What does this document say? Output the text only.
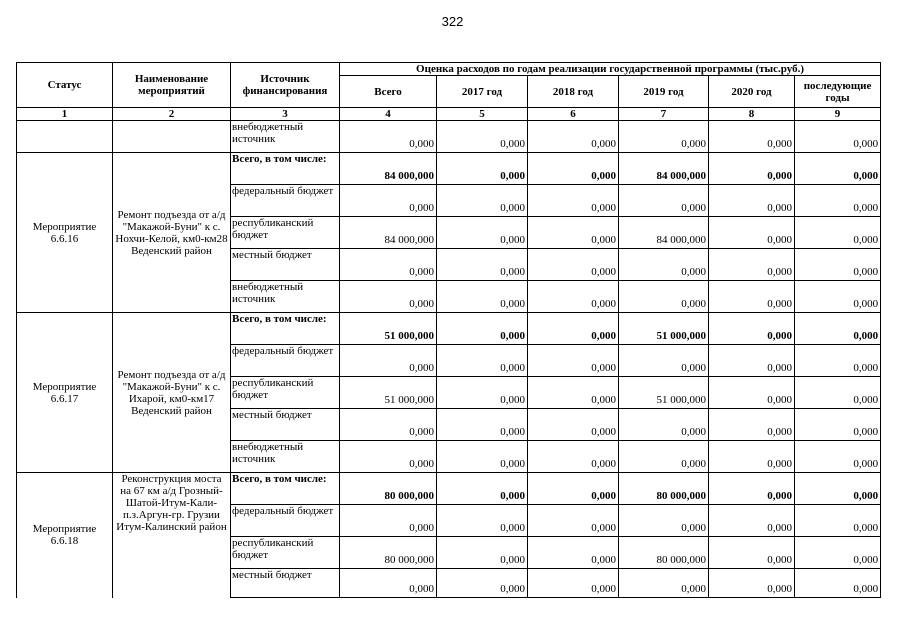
322
Статус	Наименование мероприятий	Источник финансирования	Оценка расходов по годам реализации государственной программы (тыс.руб.)					
			Всего	2017 год	2018 год	2019 год	2020 год	последующие годы
1	2	3	4	5	6	7	8	9
		внебюджетный источник	0,000	0,000	0,000	0,000	0,000	0,000
Мероприятие 6.6.16	Ремонт подъезда от а/д "Макажой-Буни" к с. Нохчи-Келой, км0-км28 Веденский район	Всего, в том числе:	84 000,000	0,000	0,000	84 000,000	0,000	0,000
		федеральный бюджет	0,000	0,000	0,000	0,000	0,000	0,000
		республиканский бюджет	84 000,000	0,000	0,000	84 000,000	0,000	0,000
		местный бюджет	0,000	0,000	0,000	0,000	0,000	0,000
		внебюджетный источник	0,000	0,000	0,000	0,000	0,000	0,000
Мероприятие 6.6.17	Ремонт подъезда от а/д "Макажой-Буни" к с. Ихарой, км0-км17 Веденский район	Всего, в том числе:	51 000,000	0,000	0,000	51 000,000	0,000	0,000
		федеральный бюджет	0,000	0,000	0,000	0,000	0,000	0,000
		республиканский бюджет	51 000,000	0,000	0,000	51 000,000	0,000	0,000
		местный бюджет	0,000	0,000	0,000	0,000	0,000	0,000
		внебюджетный источник	0,000	0,000	0,000	0,000	0,000	0,000
Мероприятие 6.6.18	Реконструкция моста на 67 км а/д Грозный-Шатой-Итум-Кали-п.з.Аргун-гр. Грузии Итум-Калинский район	Всего, в том числе:	80 000,000	0,000	0,000	80 000,000	0,000	0,000
		федеральный бюджет	0,000	0,000	0,000	0,000	0,000	0,000
		республиканский бюджет	80 000,000	0,000	0,000	80 000,000	0,000	0,000
		местный бюджет	0,000	0,000	0,000	0,000	0,000	0,000
